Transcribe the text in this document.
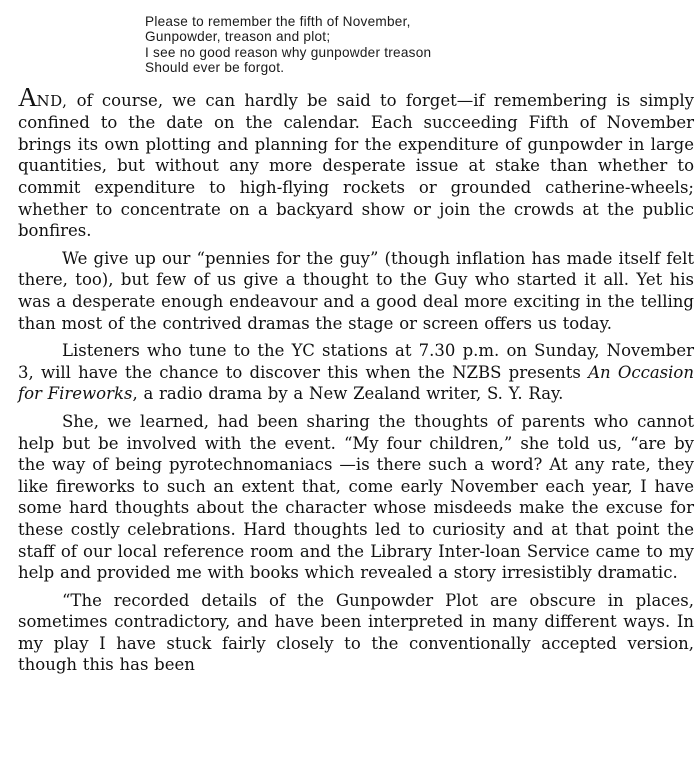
Please to remember the fifth of November,
Gunpowder, treason and plot;
I see no good reason why gunpowder treason
Should ever be forgot.

AND, of course, we can hardly be said to forget—if remembering is simply confined to the date on the calendar. Each succeeding Fifth of November brings its own plotting and planning for the expenditure of gunpowder in large quantities, but without any more desperate issue at stake than whether to commit expenditure to high-flying rockets or grounded catherine-wheels; whether to concentrate on a backyard show or join the crowds at the public bonfires.

We give up our “pennies for the guy” (though inflation has made itself felt there, too), but few of us give a thought to the Guy who started it all. Yet his was a desperate enough endeavour and a good deal more exciting in the telling than most of the contrived dramas the stage or screen offers us today.

Listeners who tune to the YC stations at 7.30 p.m. on Sunday, November 3, will have the chance to discover this when the NZBS presents An Occasion for Fireworks, a radio drama by a New Zealand writer, S. Y. Ray.

She, we learned, had been sharing the thoughts of parents who cannot help but be involved with the event. “My four children,” she told us, “are by the way of being pyrotechnomaniacs —is there such a word? At any rate, they like fireworks to such an extent that, come early November each year, I have some hard thoughts about the character whose misdeeds make the excuse for these costly celebrations. Hard thoughts led to curiosity and at that point the staff of our local reference room and the Library Inter-loan Service came to my help and provided me with books which revealed a story irresistibly dramatic.

“The recorded details of the Gunpowder Plot are obscure in places, sometimes contradictory, and have been interpreted in many different ways. In my play I have stuck fairly closely to the conventionally accepted version, though this has been
